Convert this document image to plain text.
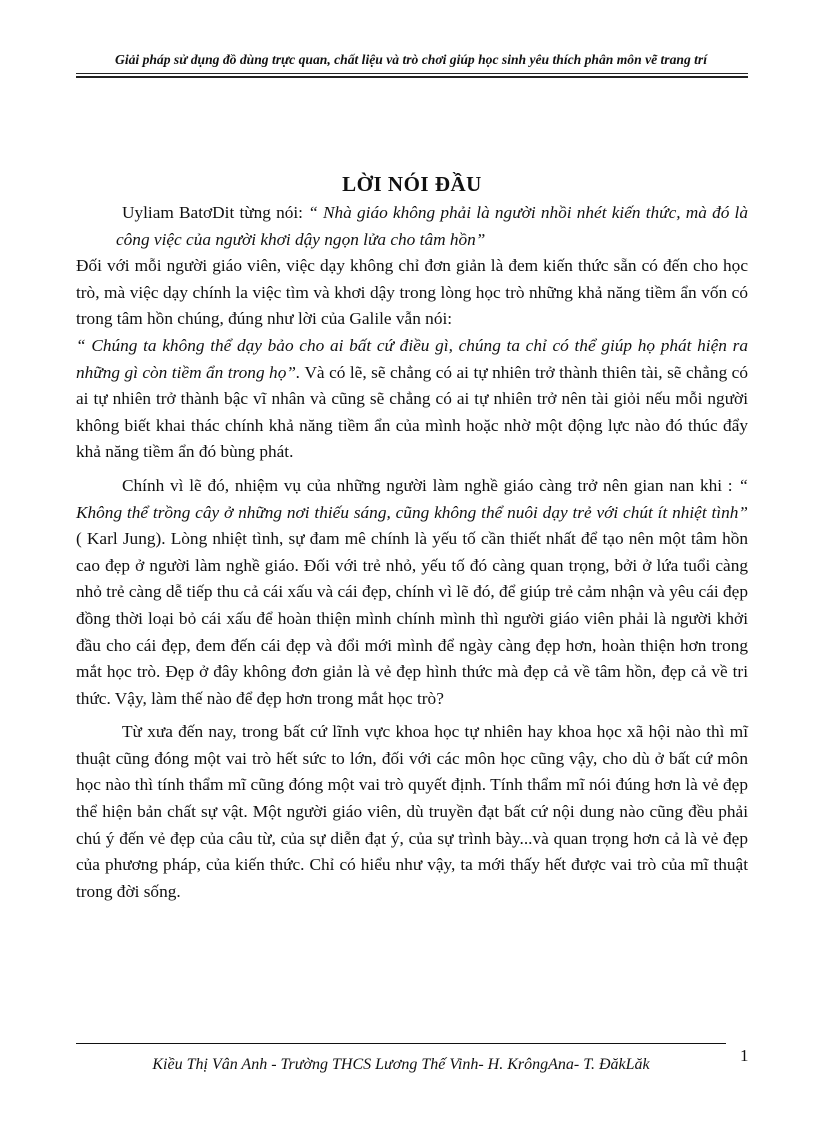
Giải pháp sử dụng đồ dùng trực quan, chất liệu và trò chơi giúp học sinh yêu thích phân môn vẽ trang trí
LỜI NÓI ĐẦU

Uyliam BatơDit từng nói: “ Nhà giáo không phải là người nhồi nhét kiến thức, mà đó là công việc của người khơi dậy ngọn lửa cho tâm hồn”

Đối với mỗi người giáo viên, việc dạy không chỉ đơn giản là đem kiến thức sẵn có đến cho học trò, mà việc dạy chính la việc tìm và khơi dậy trong lòng học trò những khả năng tiềm ẩn vốn có trong tâm hồn chúng, đúng như lời của Galile vẫn nói:

“ Chúng ta không thể dạy bảo cho ai bất cứ điều gì, chúng ta chỉ có thể giúp họ phát hiện ra những gì còn tiềm ẩn trong họ”. Và có lẽ, sẽ chẳng có ai tự nhiên trở thành thiên tài, sẽ chẳng có ai tự nhiên trở thành bậc vĩ nhân và cũng sẽ chẳng có ai tự nhiên trở nên tài giỏi nếu mỗi người không biết khai thác chính khả năng tiềm ẩn của mình hoặc nhờ một động lực nào đó thúc đẩy khả năng tiềm ẩn đó bùng phát.

Chính vì lẽ đó, nhiệm vụ của những người làm nghề giáo càng trở nên gian nan khi : “ Không thể trồng cây ở những nơi thiếu sáng, cũng không thể nuôi dạy trẻ với chút ít nhiệt tình” ( Karl Jung). Lòng nhiệt tình, sự đam mê chính là yếu tố cần thiết nhất để tạo nên một tâm hồn cao đẹp ở người làm nghề giáo. Đối với trẻ nhỏ, yếu tố đó càng quan trọng, bởi ở lứa tuổi càng nhỏ trẻ càng dễ tiếp thu cả cái xấu và cái đẹp, chính vì lẽ đó, để giúp trẻ cảm nhận và yêu cái đẹp đồng thời loại bỏ cái xấu để hoàn thiện mình chính mình thì người giáo viên phải là người khởi đầu cho cái đẹp, đem đến cái đẹp và đổi mới mình để ngày càng đẹp hơn, hoàn thiện hơn trong mắt học trò. Đẹp ở đây không đơn giản là vẻ đẹp hình thức mà đẹp cả về tâm hồn, đẹp cả về tri thức. Vậy, làm thế nào để đẹp hơn trong mắt học trò?

Từ xưa đến nay, trong bất cứ lĩnh vực khoa học tự nhiên hay khoa học xã hội nào thì mĩ thuật cũng đóng một vai trò hết sức to lớn, đối với các môn học cũng vậy, cho dù ở bất cứ môn học nào thì tính thẩm mĩ cũng đóng một vai trò quyết định. Tính thẩm mĩ nói đúng hơn là vẻ đẹp thể hiện bản chất sự vật. Một người giáo viên, dù truyền đạt bất cứ nội dung nào cũng đều phải chú ý đến vẻ đẹp của câu từ, của sự diễn đạt ý, của sự trình bày...và quan trọng hơn cả là vẻ đẹp của phương pháp, của kiến thức. Chỉ có hiểu như vậy, ta mới thấy hết được vai trò của mĩ thuật trong đời sống.

Kiều Thị Vân Anh - Trường THCS Lương Thế Vinh- H. KrôngAna- T. ĐăkLăk	1
